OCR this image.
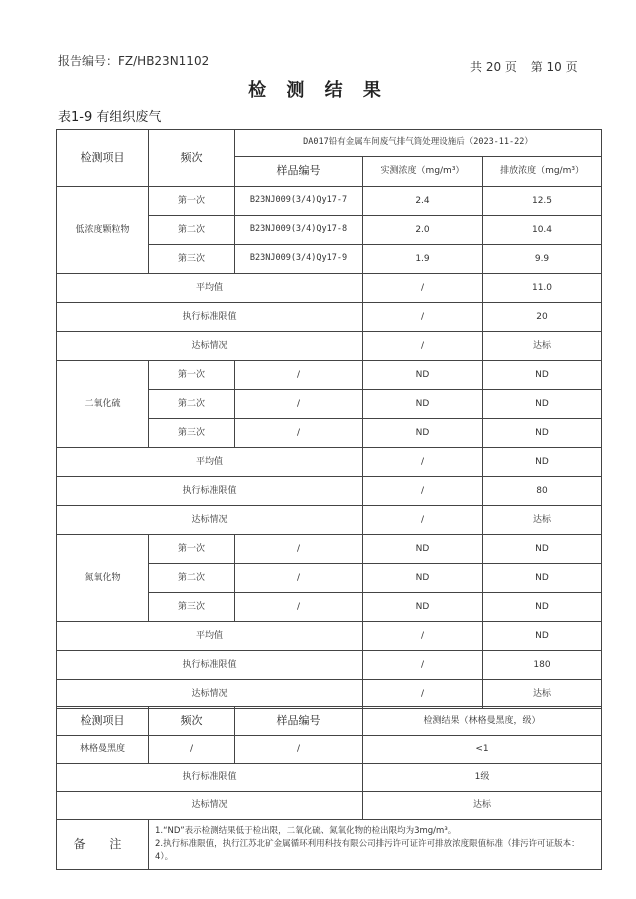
报告编号：FZ/HB23N1102	共 20 页 第 10 页
检 测 结 果
表1-9 有组织废气
检测项目	频次	DA017铅有金属车间废气排气筒处理设施后（2023-11-22）		
		样品编号	实测浓度（mg/m³）	排放浓度（mg/m³）
低浓度颗粒物	第一次	B23NJ009(3/4)Qy17-7	2.4	12.5
	第二次	B23NJ009(3/4)Qy17-8	2.0	10.4
	第三次	B23NJ009(3/4)Qy17-9	1.9	9.9
平均值			/	11.0
执行标准限值			/	20
达标情况			/	达标
二氧化硫	第一次	/	ND	ND
	第二次	/	ND	ND
	第三次	/	ND	ND
平均值			/	ND
执行标准限值			/	80
达标情况			/	达标
氮氧化物	第一次	/	ND	ND
	第二次	/	ND	ND
	第三次	/	ND	ND
平均值			/	ND
执行标准限值			/	180
达标情况			/	达标
检测项目	频次	样品编号	检测结果（林格曼黑度，级）
林格曼黑度	/	/	<1
执行标准限值			1级
达标情况			达标
备 注	1.“ND”表示检测结果低于检出限，二氧化硫、氮氧化物的检出限均为3mg/m³。
2.执行标准限值，执行江苏北矿金属循环利用科技有限公司排污许可证许可排放浓度限值标准（排污许可证版本：4）。		
